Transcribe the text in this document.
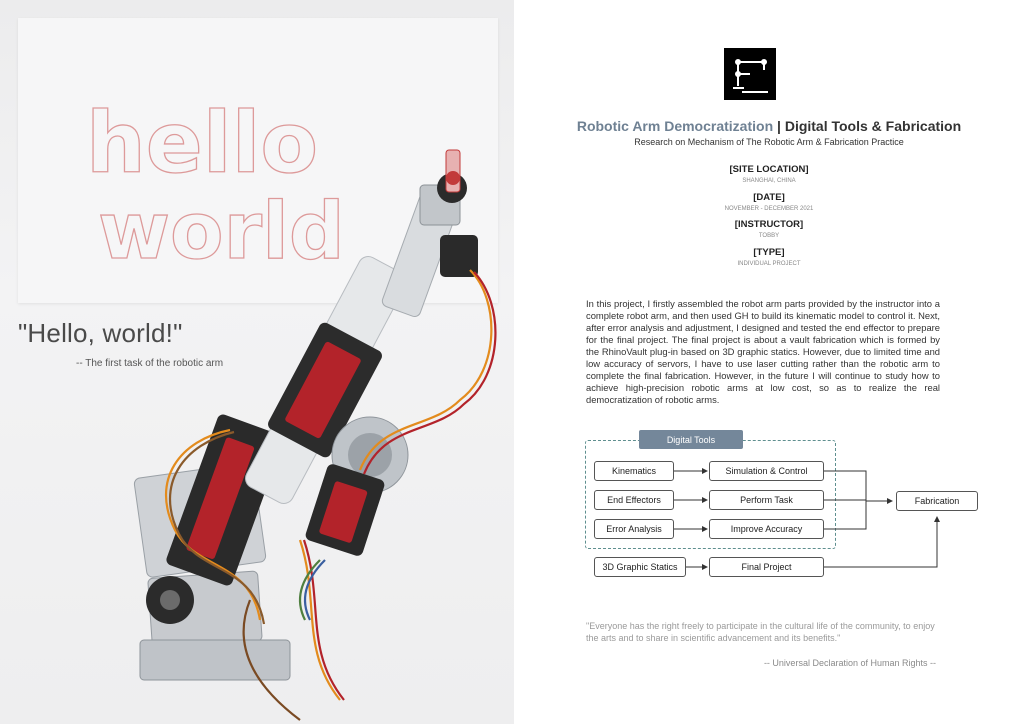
hello
world
"Hello, world!"
-- The first task of the robotic arm
Robotic Arm Democratization | Digital Tools & Fabrication
Research on Mechanism of The Robotic Arm & Fabrication Practice
[SITE LOCATION]
SHANGHAI, CHINA
[DATE]
NOVEMBER - DECEMBER 2021
[INSTRUCTOR]
TOBBY
[TYPE]
INDIVIDUAL PROJECT
In this project, I firstly assembled the robot arm parts provided by the instructor into a complete robot arm, and then used GH to build its kinematic model to control it. Next, after error analysis and adjustment, I designed and tested the end effector to prepare for the final project. The final project is about a vault fabrication which is formed by the RhinoVault plug-in based on 3D graphic statics. However, due to limited time and low accuracy of servors, I have to use laser cutting rather than the robotic arm to complete the final fabrication. However, in the future I will continue to study how to achieve high-precision robotic arms at low cost, so as to realize the real democratization of robotic arms.
Digital Tools
Kinematics
End Effectors
Error Analysis
Simulation & Control
Perform Task
Improve Accuracy
3D Graphic Statics	Final Project
Fabrication
"Everyone has the right freely to participate in the cultural life of the community, to enjoy the arts and to share in scientific advancement and its benefits."
-- Universal Declaration of Human Rights --
